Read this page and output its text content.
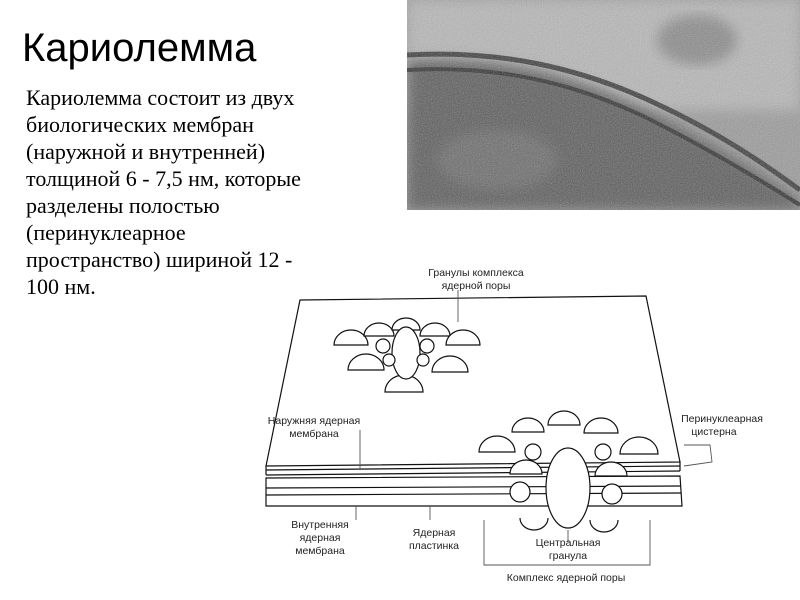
Кариолемма
Кариолемма состоит из двух
биологических мембран
(наружной и внутренней)
толщиной 6 - 7,5 нм, которые
разделены полостью
(перинуклеарное
пространство) шириной 12 -
100 нм.
Гранулы комплекса
ядерной поры
Наружняя ядерная
мембрана
Перинуклеарная
цистерна
Внутренняя
ядерная
мембрана
Ядерная
пластинка	Центральная
гранула
Комплекс ядерной поры
